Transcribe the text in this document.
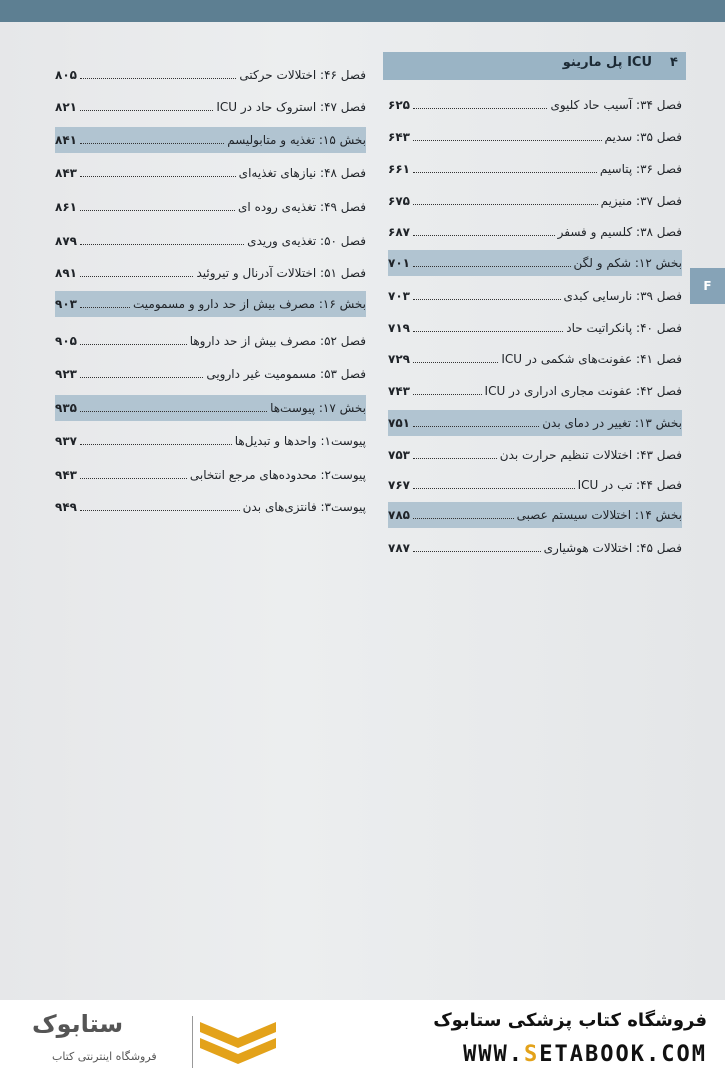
ICU پل مارینو	۴
F
فصل ۴۶: اختلالات حرکتی
۸۰۵
فصل ۴۷: استروک حاد در ICU
۸۲۱
بخش ۱۵: تغذیه و متابولیسم
۸۴۱
فصل ۴۸: نیازهای تغذیه‌ای
۸۴۳
فصل ۴۹: تغذیه‌ی روده ای
۸۶۱
فصل ۵۰: تغذیه‌ی وریدی
۸۷۹
فصل ۵۱: اختلالات آدرنال و تیروئید
۸۹۱
بخش ۱۶: مصرف بیش از حد دارو و مسمومیت
۹۰۳
فصل ۵۲: مصرف بیش از حد داروها
۹۰۵
فصل ۵۳: مسمومیت غیر دارویی
۹۲۳
بخش ۱۷: پیوست‌ها
۹۳۵
پیوست۱: واحدها و تبدیل‌ها
۹۳۷
پیوست۲: محدوده‌های مرجع انتخابی
۹۴۳
پیوست۳: فانتزی‌های بدن
۹۴۹
فصل ۳۴: آسیب حاد کلیوی
۶۲۵
فصل ۳۵: سدیم
۶۴۳
فصل ۳۶: پتاسیم
۶۶۱
فصل ۳۷: منیزیم
۶۷۵
فصل ۳۸: کلسیم و فسفر
۶۸۷
بخش ۱۲: شکم و لگن
۷۰۱
فصل ۳۹: نارسایی کبدی
۷۰۳
فصل ۴۰: پانکراتیت حاد
۷۱۹
فصل ۴۱: عفونت‌های شکمی در ICU
۷۲۹
فصل ۴۲: عفونت مجاری ادراری در ICU
۷۴۳
بخش ۱۳: تغییر در دمای بدن
۷۵۱
فصل ۴۳: اختلالات تنظیم حرارت بدن
۷۵۳
فصل ۴۴: تب در ICU
۷۶۷
بخش ۱۴: اختلالات سیستم عصبی
۷۸۵
فصل ۴۵: اختلالات هوشیاری
۷۸۷
فروشگاه کتاب پزشکی ستابوک
WWW.SETABOOK.COM
ستابوک
فروشگاه اینترنتی کتاب
